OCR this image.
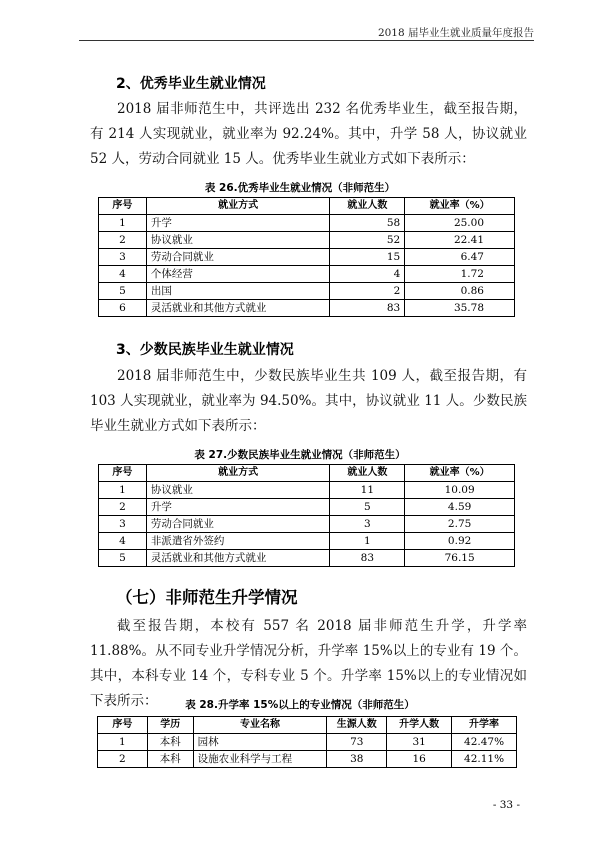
2018 届毕业生就业质量年度报告
2、优秀毕业生就业情况
2018 届非师范生中，共评选出 232 名优秀毕业生，截至报告期，有 214 人实现就业，就业率为 92.24%。其中，升学 58 人，协议就业 52 人，劳动合同就业 15 人。优秀毕业生就业方式如下表所示：
表 26.优秀毕业生就业情况（非师范生）
序号	就业方式	就业人数	就业率（%）
1	升学	58	25.00
2	协议就业	52	22.41
3	劳动合同就业	15	6.47
4	个体经营	4	1.72
5	出国	2	0.86
6	灵活就业和其他方式就业	83	35.78
3、少数民族毕业生就业情况
2018 届非师范生中，少数民族毕业生共 109 人，截至报告期，有 103 人实现就业，就业率为 94.50%。其中，协议就业 11 人。少数民族毕业生就业方式如下表所示：
表 27.少数民族毕业生就业情况（非师范生）
序号	就业方式	就业人数	就业率（%）
1	协议就业	11	10.09
2	升学	5	4.59
3	劳动合同就业	3	2.75
4	非派遣省外签约	1	0.92
5	灵活就业和其他方式就业	83	76.15
（七）非师范生升学情况
截至报告期，本校有 557 名 2018 届非师范生升学，升学率 11.88%。从不同专业升学情况分析，升学率 15%以上的专业有 19 个。其中，本科专业 14 个，专科专业 5 个。升学率 15%以上的专业情况如下表所示：	表 28.升学率 15%以上的专业情况（非师范生）
序号	学历	专业名称	生源人数	升学人数	升学率
1	本科	园林	73	31	42.47%
2	本科	设施农业科学与工程	38	16	42.11%
- 33 -
